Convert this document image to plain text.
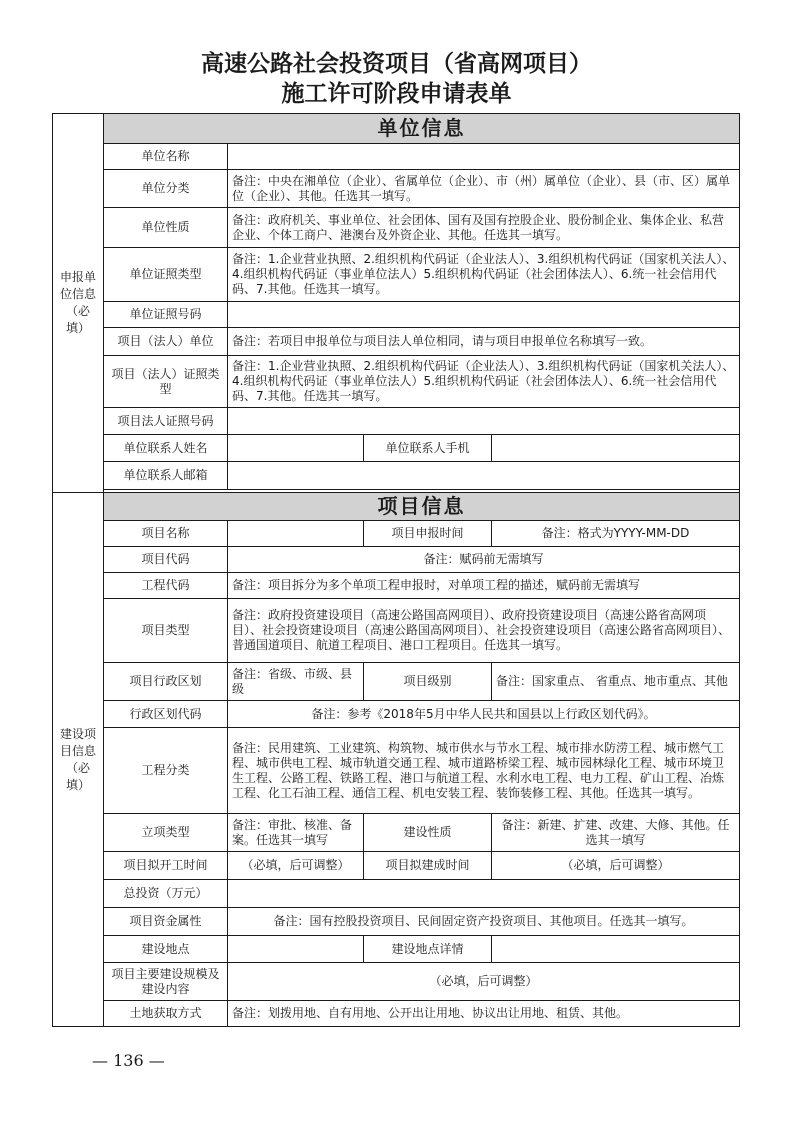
高速公路社会投资项目（省高网项目）
施工许可阶段申请表单
申报单位信息（必填）	单位信息			
	单位名称			
	单位分类	备注：中央在湘单位（企业）、省属单位（企业）、市（州）属单位（企业）、县（市、区）属单位（企业）、其他。任选其一填写。		
	单位性质	备注：政府机关、事业单位、社会团体、国有及国有控股企业、股份制企业、集体企业、私营企业、个体工商户、港澳台及外资企业、其他。任选其一填写。		
	单位证照类型	备注：1.企业营业执照、2.组织机构代码证（企业法人）、3.组织机构代码证（国家机关法人）、4.组织机构代码证（事业单位法人）5.组织机构代码证（社会团体法人）、6.统一社会信用代码、7.其他。任选其一填写。		
	单位证照号码			
	项目（法人）单位	备注：若项目申报单位与项目法人单位相同，请与项目申报单位名称填写一致。		
	项目（法人）证照类型	备注：1.企业营业执照、2.组织机构代码证（企业法人）、3.组织机构代码证（国家机关法人）、4.组织机构代码证（事业单位法人）5.组织机构代码证（社会团体法人）、6.统一社会信用代码、7.其他。任选其一填写。		
	项目法人证照号码			
	单位联系人姓名		单位联系人手机	
	单位联系人邮箱			

建设项目信息（必填）	项目信息			
	项目名称		项目申报时间	备注：格式为YYYY-MM-DD
	项目代码	备注：赋码前无需填写		
	工程代码	备注：项目拆分为多个单项工程申报时，对单项工程的描述，赋码前无需填写		
	项目类型	备注：政府投资建设项目（高速公路国高网项目）、政府投资建设项目（高速公路省高网项目）、社会投资建设项目（高速公路国高网项目）、社会投资建设项目（高速公路省高网项目）、普通国道项目、航道工程项目、港口工程项目。任选其一填写。		
	项目行政区划	备注：省级、市级、县级	项目级别	备注：国家重点、 省重点、地市重点、其他
	行政区划代码	备注：参考《2018年5月中华人民共和国县以上行政区划代码》。		
	工程分类	备注：民用建筑、工业建筑、构筑物、城市供水与节水工程、城市排水防涝工程、城市燃气工程、城市供电工程、城市轨道交通工程、城市道路桥梁工程、城市园林绿化工程、城市环境卫生工程、公路工程、铁路工程、港口与航道工程、水利水电工程、电力工程、矿山工程、冶炼工程、化工石油工程、通信工程、机电安装工程、装饰装修工程、其他。任选其一填写。		
	立项类型	备注：审批、核准、备案。任选其一填写	建设性质	备注：新建、扩建、改建、大修、其他。任选其一填写
	项目拟开工时间	（必填，后可调整）	项目拟建成时间	（必填，后可调整）
	总投资（万元）			
	项目资金属性	备注：国有控股投资项目、民间固定资产投资项目、其他项目。任选其一填写。		
	建设地点		建设地点详情	
	项目主要建设规模及建设内容	（必填，后可调整）		
	土地获取方式	备注：划拨用地、自有用地、公开出让用地、协议出让用地、租赁、其他。		
— 136 —
